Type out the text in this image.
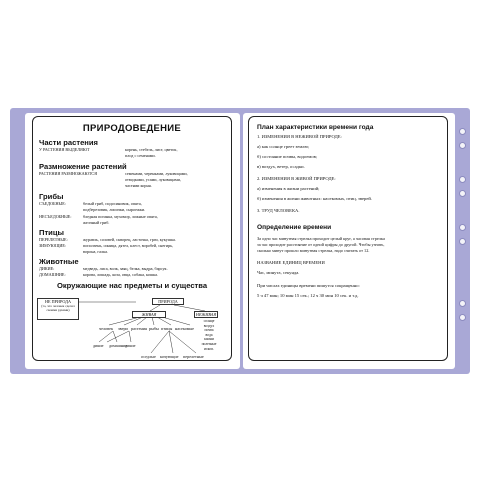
ПРИРОДОВЕДЕНИЕ
Части растения
У РАСТЕНИЯ ВЫДЕЛЯЮТ	корень, стебель, лист, цветок,
плод с семенами.
Размножение растений
РАСТЕНИЯ РАЗМНОЖАЮТСЯ	семенами, черенками, луковицами,
отводками, усами, луковицами,
частями корня.
Грибы
СЪЕДОБНЫЕ:	белый гриб, подосиновик, опята,
подберезовик, лисички, сыроежки.
НЕСЪЕДОБНЫЕ:	бледная поганка, мухомор, ложные опята,
желчный гриб.
Птицы
ПЕРЕЛЕТНЫЕ:	журавль, соловей, скворец, ласточка, грач, кукушка.
ЗИМУЮЩИЕ:	поползень, синица, дятел, клест, воробей, снегирь,
ворона, галка.
Животные
ДИКИЕ:	медведь, лиса, волк, заяц, белка, выдра, барсук.
ДОМАШНИЕ:	корова, лошадь, коза, овца, собака, кошка.
Окружающие нас предметы и существа
НЕ ПРИРОДА
(то, что человек сделал своими руками)
ПРИРОДА
ЖИВАЯ	НЕЖИВАЯ
солнце
воздух
почва
вода
камни
полезные
ископ.
человек звери растения рыбы птицы насекомые
дикие домашние
дикие
оседлые кочующие перелетные
План характеристики времени года
1. ИЗМЕНЕНИЯ В НЕЖИВОЙ ПРИРОДЕ:
а) как солнце греет землю;
б) состояние почвы, водоемов;
в) воздух, ветер, осадки.
2. ИЗМЕНЕНИЯ В ЖИВОЙ ПРИРОДЕ:
а) изменения в жизни растений;
б) изменения в жизни животных: насекомых, птиц, зверей.
3. ТРУД ЧЕЛОВЕКА.
Определение времени
За одно час минутная стрелка проходит целый круг, а часовая стрелка
за час проходит расстояние от одной цифры до другой. Чтобы узнать,
сколько минут прошло минутная стрелка, надо считать от 12.
НАЗВАНИЕ ЕДИНИЦ ВРЕМЕНИ
Час, минута, секунда.
При числах единицы времени пишутся сокращенно:
5 ч 47 мин; 10 мин 15 сек.; 12 ч 30 мин 10 сек. и т.д.
